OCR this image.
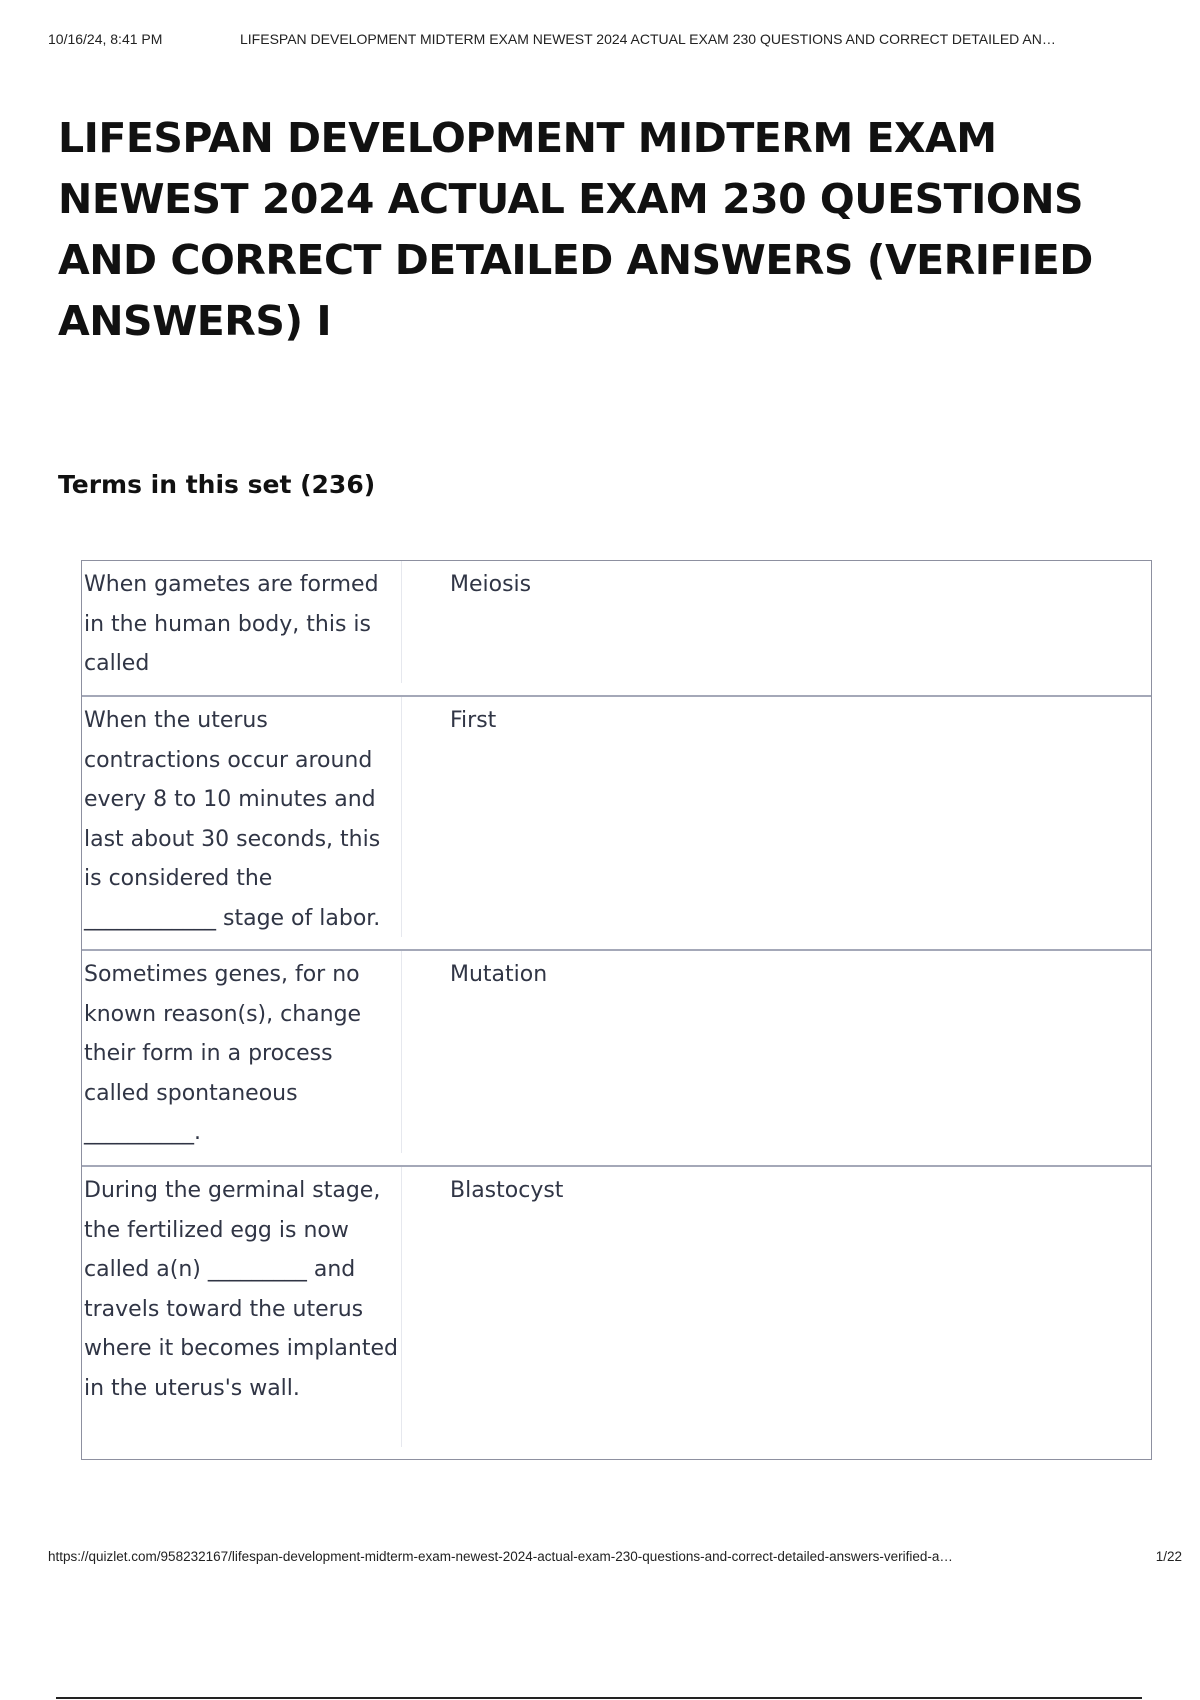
10/16/24, 8:41 PM	LIFESPAN DEVELOPMENT MIDTERM EXAM NEWEST 2024 ACTUAL EXAM 230 QUESTIONS AND CORRECT DETAILED AN…
LIFESPAN DEVELOPMENT MIDTERM EXAM NEWEST 2024 ACTUAL EXAM 230 QUESTIONS AND CORRECT DETAILED ANSWERS (VERIFIED ANSWERS) I
Terms in this set (236)
When gametes are formed in the human body, this is called
Meiosis
When the uterus contractions occur around every 8 to 10 minutes and last about 30 seconds, this is considered the ____________ stage of labor.
First
Sometimes genes, for no known reason(s), change their form in a process called spontaneous __________.
Mutation
During the germinal stage, the fertilized egg is now called a(n) _________ and travels toward the uterus where it becomes implanted in the uterus's wall.
Blastocyst
https://quizlet.com/958232167/lifespan-development-midterm-exam-newest-2024-actual-exam-230-questions-and-correct-detailed-answers-verified-a…	1/22
